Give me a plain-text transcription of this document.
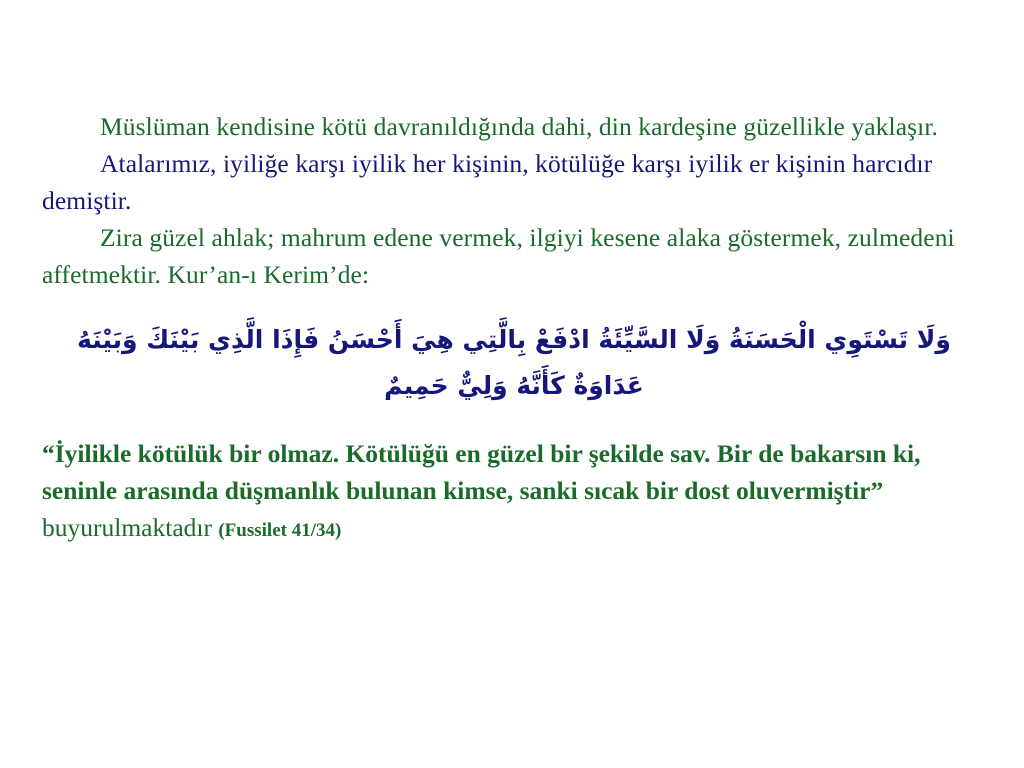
Müslüman kendisine kötü davranıldığında dahi, din kardeşine güzellikle yaklaşır.

Atalarımız, iyiliğe karşı iyilik her kişinin, kötülüğe karşı iyilik er kişinin harcıdır demiştir.

Zira güzel ahlak; mahrum edene vermek, ilgiyi kesene alaka göstermek, zulmedeni affetmektir. Kur’an-ı Kerim’de:

وَلَا تَسْتَوِي الْحَسَنَةُ وَلَا السَّيِّئَةُ ادْفَعْ بِالَّتِي هِيَ أَحْسَنُ فَإِذَا الَّذِي بَيْنَكَ وَبَيْنَهُ عَدَاوَةٌ كَأَنَّهُ وَلِيٌّ حَمِيمٌ
“İyilikle kötülük bir olmaz. Kötülüğü en güzel bir şekilde sav. Bir de bakarsın ki, seninle arasında düşmanlık bulunan kimse, sanki sıcak bir dost oluvermiştir” buyurulmaktadır (Fussilet 41/34)
